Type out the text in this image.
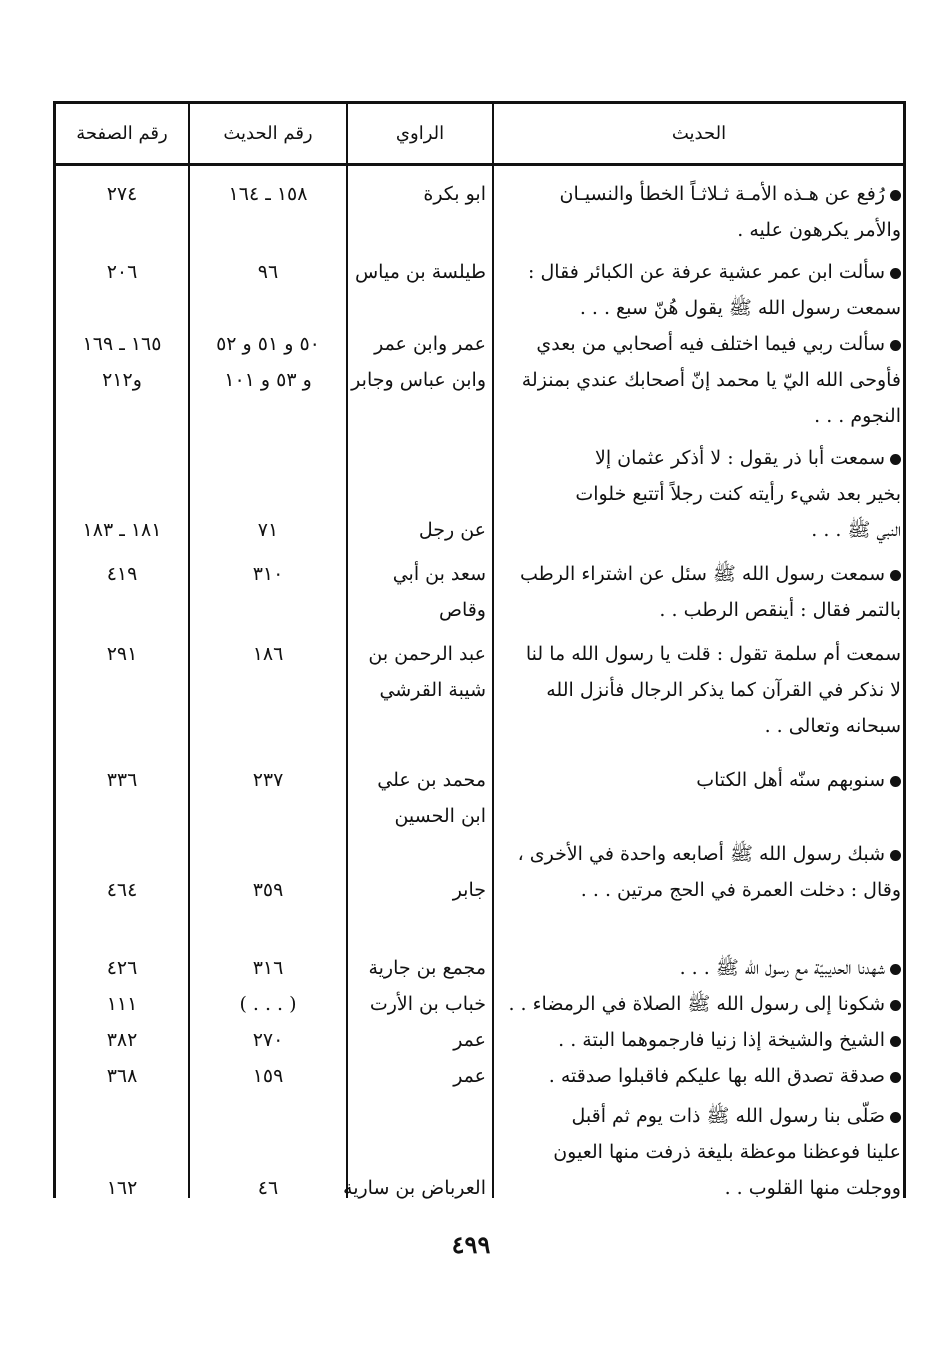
الحديث
الراوي
رقم الحديث
رقم الصفحة
رُفع عن هـذه الأمـة ثـلاثـاً الخطأ والنسيـان
والأمر يكرهون عليه .
ابو بكرة
١٥٨ ـ ١٦٤
٢٧٤
سألت ابن عمر عشية عرفة عن الكبائر فقال :
سمعت رسول الله ﷺ يقول هُنّ سبع . . .
طيلسة بن مياس
٩٦
٢٠٦
سألت ربي فيما اختلف فيه أصحابي من بعدي
فأوحى الله اليّ يا محمد إنّ أصحابك عندي بمنزلة
النجوم . . .
عمر وابن عمر
وابن عباس وجابر
٥٠ و ٥١ و ٥٢
و ٥٣ و ١٠١
١٦٥ ـ ١٦٩
و٢١٢
سمعت أبا ذر يقول : لا أذكر عثمان إلا
بخير بعد شيء رأيته كنت رجلاً أتتبع خلوات
النبي ﷺ . . .
عن رجل
٧١
١٨١ ـ ١٨٣
سمعت رسول الله ﷺ سئل عن اشتراء الرطب
بالتمر فقال : أينقص الرطب . .
سعد بن أبي
وقاص
٣١٠
٤١٩
سمعت أم سلمة تقول : قلت يا رسول الله ما لنا
لا نذكر في القرآن كما يذكر الرجال فأنزل الله
سبحانه وتعالى . .
عبد الرحمن بن
شيبة القرشي
١٨٦
٢٩١
سنوبهم سنّه أهل الكتاب
محمد بن علي
ابن الحسين
٢٣٧
٣٣٦
شبك رسول الله ﷺ أصابعه واحدة في الأخرى ،
وقال : دخلت العمرة في الحج مرتين . . .
جابر
٣٥٩
٤٦٤
شهدنا الحديبيّة مع رسول الله ﷺ . . .
مجمع بن جارية
٣١٦
٤٢٦
شكونا إلى رسول الله ﷺ الصلاة في الرمضاء . .
خباب بن الأرت
( . . . )
١١١
الشيخ والشيخة إذا زنيا فارجموهما البتة . .
عمر
٢٧٠
٣٨٢
صدقة تصدق الله بها عليكم فاقبلوا صدقته .
عمر
١٥٩
٣٦٨
صَلّى بنا رسول الله ﷺ ذات يوم ثم أقبل
علينا فوعظنا موعظة بليغة ذرفت منها العيون
ووجلت منها القلوب . .
العرباض بن سارية
٤٦
١٦٢
٤٩٩
